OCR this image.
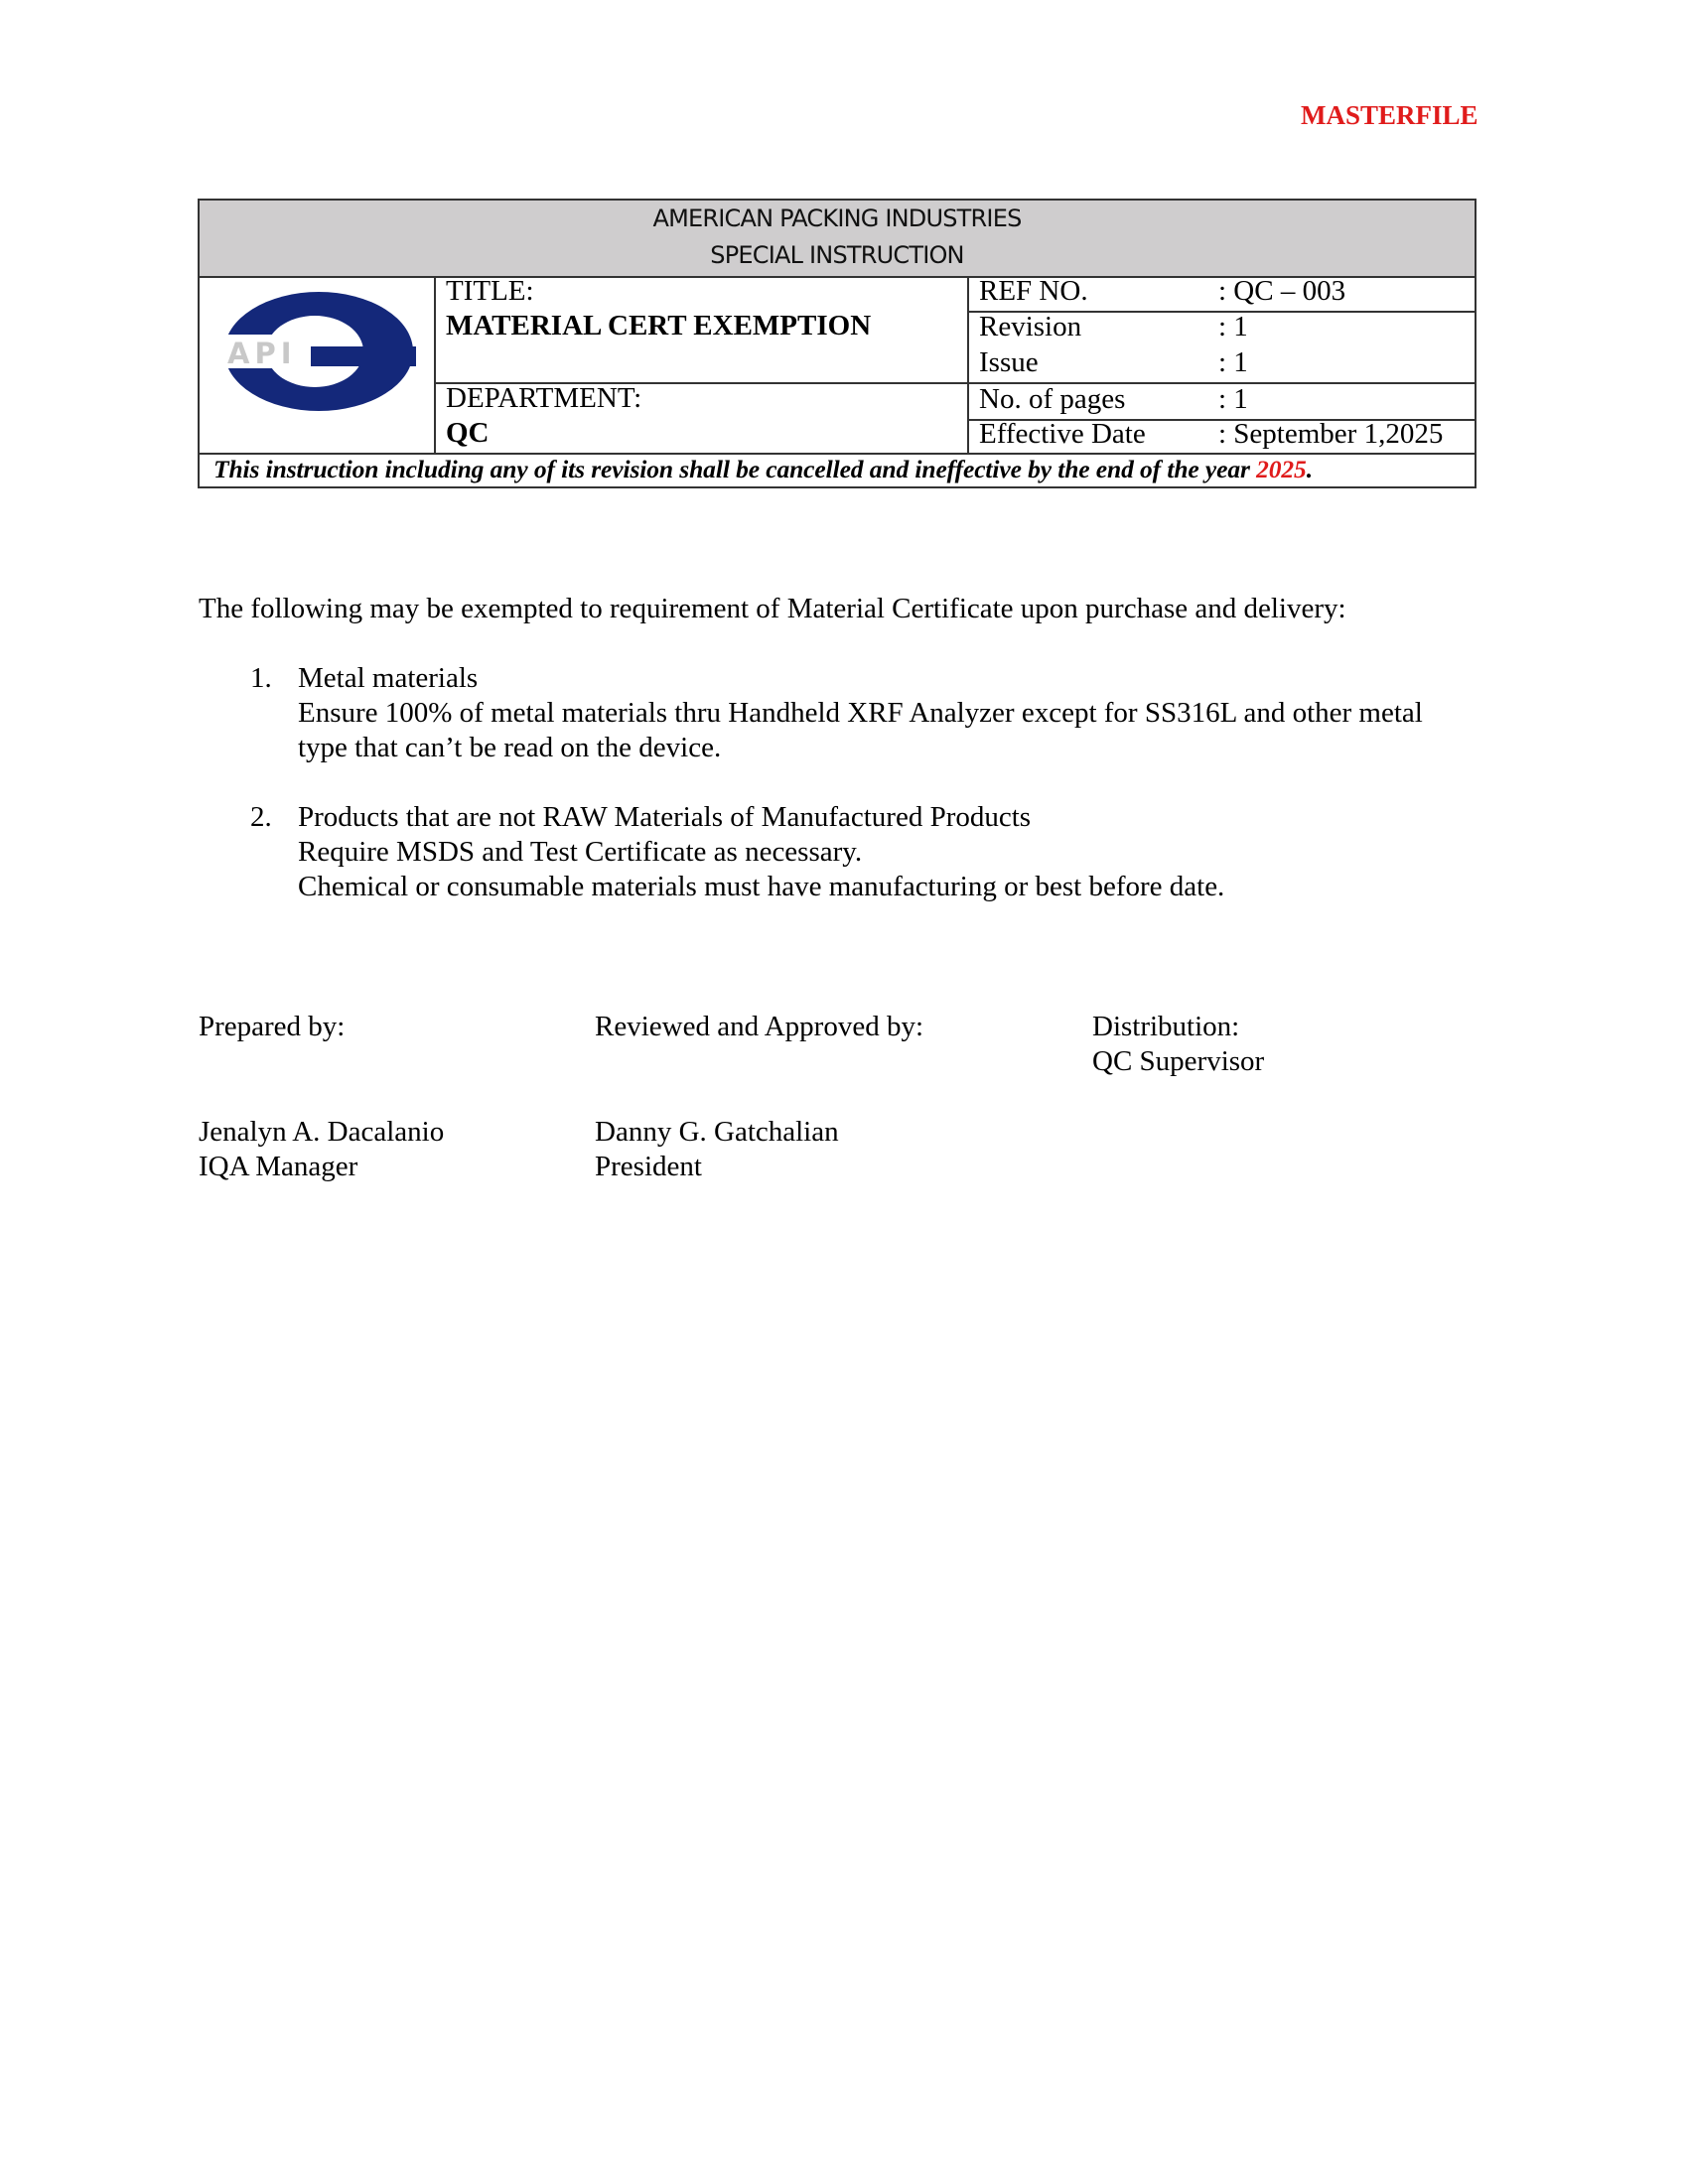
MASTERFILE
AMERICAN PACKING INDUSTRIES
SPECIAL INSTRUCTION
API
TITLE:
MATERIAL CERT EXEMPTION
DEPARTMENT:
QC
REF NO.	: QC – 003
Revision	: 1
Issue	: 1
No. of pages	: 1
Effective Date	: September 1,2025
This instruction including any of its revision shall be cancelled and ineffective by the end of the year 2025.
The following may be exempted to requirement of Material Certificate upon purchase and delivery:
1. Metal materials
Ensure 100% of metal materials thru Handheld XRF Analyzer except for SS316L and other metal
type that can’t be read on the device.
2. Products that are not RAW Materials of Manufactured Products
Require MSDS and Test Certificate as necessary.
Chemical or consumable materials must have manufacturing or best before date.
Prepared by:	Reviewed and Approved by:	Distribution:
QC Supervisor
Jenalyn A. Dacalanio
IQA Manager
Danny G. Gatchalian
President
